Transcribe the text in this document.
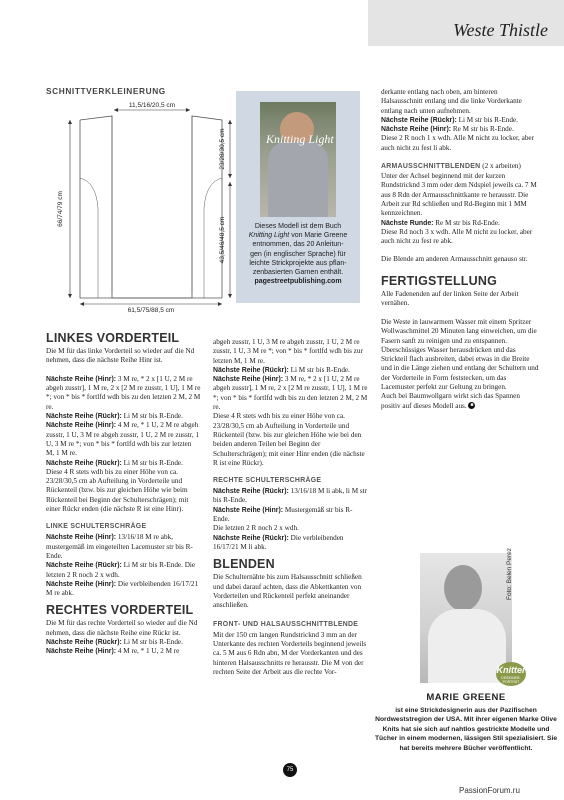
Weste Thistle
SCHNITTVERKLEINERUNG
11,5/16/20,5 cm
61,5/75/88,5 cm
66/74/79 cm
23/28/30,5 cm
43,5/46/48,5 cm
Knitting Light
Dieses Modell ist dem Buch
Knitting Light von Marie Greene
entnommen, das 20 Anleitun-
gen (in englischer Sprache) für
leichte Strickprojekte aus pflan-
zenbasierten Garnen enthält.
pagestreetpublishing.com
LINKES VORDERTEIL

Die M für das linke Vorderteil so wieder auf die Nd nehmen, dass die nächste Reihe Hinr ist.

Nächste Reihe (Hinr): 3 M re, * 2 x [1 U, 2 M re abgeh zusstr], 1 M re, 2 x [2 M re zusstr, 1 U], 1 M re *; von * bis * fortlfd wdh bis zu den letzten 2 M, 2 M re.
Nächste Reihe (Rückr): Li M str bis R-Ende.
Nächste Reihe (Hinr): 4 M re, * 1 U, 2 M re abgeh zusstr, 1 U, 3 M re abgeh zusstr, 1 U, 2 M re zusstr, 1 U, 3 M re *; von * bis * fortlfd wdh bis zur letzten M, 1 M re.
Nächste Reihe (Rückr): Li M str bis R-Ende. Diese 4 R stets wdh bis zu einer Höhe von ca. 23/28/30,5 cm ab Aufteilung in Vorderteile und Rückenteil (bzw. bis zur gleichen Höhe wie beim Rückenteil bei Beginn der Schulterschrägen); mit einer Rückr enden (die nächste R ist eine Hinr).
LINKE SCHULTERSCHRÄGE
Nächste Reihe (Hinr): 13/16/18 M re abk, mustergemäß im eingeteilten Lacemuster str bis R-Ende.
Nächste Reihe (Rückr): Li M str bis R-Ende. Die letzten 2 R noch 2 x wdh.
Nächste Reihe (Hinr): Die verbleibenden 16/17/21 M re abk.
RECHTES VORDERTEIL
Die M für das rechte Vorderteil so wieder auf die Nd nehmen, dass die nächste Reihe eine Rückr ist.
Nächste Reihe (Rückr): Li M str bis R-Ende.
Nächste Reihe (Hinr): 4 M re, * 1 U, 2 M re
abgeh zusstr, 1 U, 3 M re abgeh zusstr, 1 U, 2 M re zusstr, 1 U, 3 M re *; von * bis * fortlfd wdh bis zur letzten M, 1 M re.
Nächste Reihe (Rückr): Li M str bis R-Ende.
Nächste Reihe (Hinr): 3 M re, * 2 x [1 U, 2 M re abgeh zusstr], 1 M re, 2 x [2 M re zusstr, 1 U], 1 M re *; von * bis * fortlfd wdh bis zu den letzten 2 M, 2 M re.
Diese 4 R stets wdh bis zu einer Höhe von ca. 23/28/30,5 cm ab Aufteilung in Vorderteile und Rückenteil (bzw. bis zur gleichen Höhe wie bei den beiden anderen Teilen bei Beginn der Schulterschrägen); mit einer Hinr enden (die nächste R ist eine Rückr).
RECHTE SCHULTERSCHRÄGE
Nächste Reihe (Rückr): 13/16/18 M li abk, li M str bis R-Ende.
Nächste Reihe (Hinr): Mustergemäß str bis R-Ende.
Die letzten 2 R noch 2 x wdh.
Nächste Reihe (Rückr): Die verbleibenden 16/17/21 M li abk.
BLENDEN

Die Schulternähte bis zum Halsausschnitt schließen und dabei darauf achten, dass die Abkettkanten von Vorderteilen und Rückenteil perfekt aneinander anschließen.

FRONT- UND HALSAUSSCHNITTBLENDE

Mit der 150 cm langen Rundstricknd 3 mm an der Unterkante des rechten Vorderteils beginnend jeweils ca. 5 M aus 6 Rdn abn, M der Vorderkanten und des hinteren Halsausschnitts re herausstr. Die M von der rechten Seite der Arbeit aus die rechte Vor-

derkante entlang nach oben, am hinteren Halsausschnitt entlang und die linke Vorderkante entlang nach unten aufnehmen.
Nächste Reihe (Rückr): Li M str bis R-Ende.
Nächste Reihe (Hinr): Re M str bis R-Ende.
Diese 2 R noch 1 x wdh. Alle M nicht zu locker, aber auch nicht zu fest li abk.
ARMAUSSCHNITTBLENDEN (2 x arbeiten)
Unter der Achsel beginnend mit der kurzen Rundstricknd 3 mm oder dem Ndspiel jeweils ca. 7 M aus 8 Rdn der Armausschnittkante re herausstr. Die Arbeit zur Rd schließen und Rd-Beginn mit 1 MM kennzeichnen.
Nächste Runde: Re M str bis Rd-Ende.
Diese Rd noch 3 x wdh. Alle M nicht zu locker, aber auch nicht zu fest re abk.

Die Blende am anderen Armausschnitt genauso str.

FERTIGSTELLUNG

Alle Fadenenden auf der linken Seite der Arbeit vernähen.

Die Weste in lauwarmem Wasser mit einem Spritzer Wollwaschmittel 20 Minuten lang einweichen, um die Fasern sanft zu reinigen und zu entspannen. Überschüssiges Wasser herausdrücken und das Strickteil flach ausbreiten, dabei etwas in die Breite und in die Länge ziehen und entlang der Schultern und der Vorderteile in Form feststecken, um das Lacemuster perfekt zur Geltung zu bringen.
Auch bei Baumwollgarn wirkt sich das Spannen positiv auf dieses Modell aus. ■
Foto: Belen Perez
Knitter
DESIGNER-PORTRÄT
MARIE GREENE
ist eine Strickdesignerin aus der Pazifischen Nordweststregion der USA. Mit ihrer eigenen Marke Olive Knits hat sie sich auf nahtlos gestrickte Modelle und Tücher in einem modernen, lässigen Stil spezialisiert. Sie hat bereits mehrere Bücher veröffentlicht.
75
PassionForum.ru
